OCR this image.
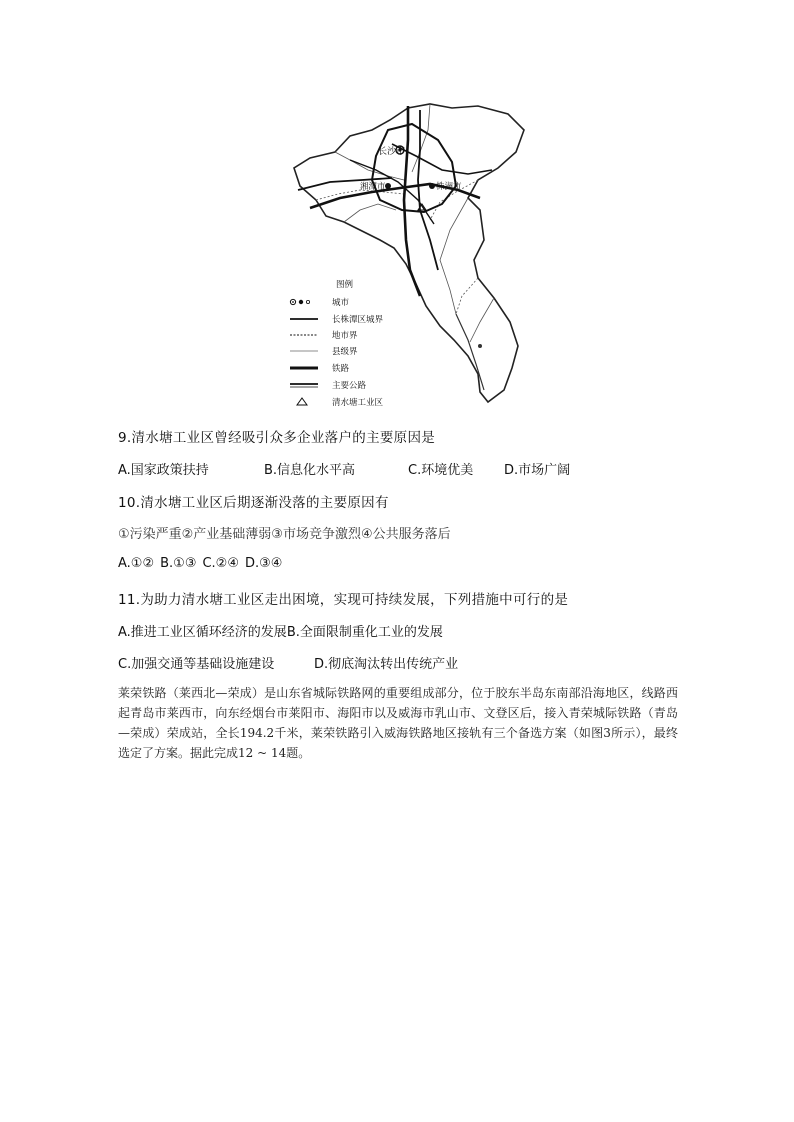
长沙市
湘潭市	株洲市
图例
城市
长株潭区城界
地市界
县级界
铁路
主要公路
清水塘工业区
9.清水塘工业区曾经吸引众多企业落户的主要原因是
A.国家政策扶持	B.信息化水平高	C.环境优美 D.市场广阔
10.清水塘工业区后期逐渐没落的主要原因有
①污染严重②产业基础薄弱③市场竞争激烈④公共服务落后
A.①② B.①③ C.②④ D.③④
11.为助力清水塘工业区走出困境，实现可持续发展，下列措施中可行的是
A.推进工业区循环经济的发展B.全面限制重化工业的发展
C.加强交通等基础设施建设	D.彻底淘汰转出传统产业
莱荣铁路（莱西北—荣成）是山东省城际铁路网的重要组成部分，位于胶东半岛东南部沿海地区，线路西起青岛市莱西市，向东经烟台市莱阳市、海阳市以及威海市乳山市、文登区后，接入青荣城际铁路（青岛—荣成）荣成站，全长194.2千米，莱荣铁路引入威海铁路地区接轨有三个备选方案（如图3所示），最终选定了方案。据此完成12 ~ 14题。
